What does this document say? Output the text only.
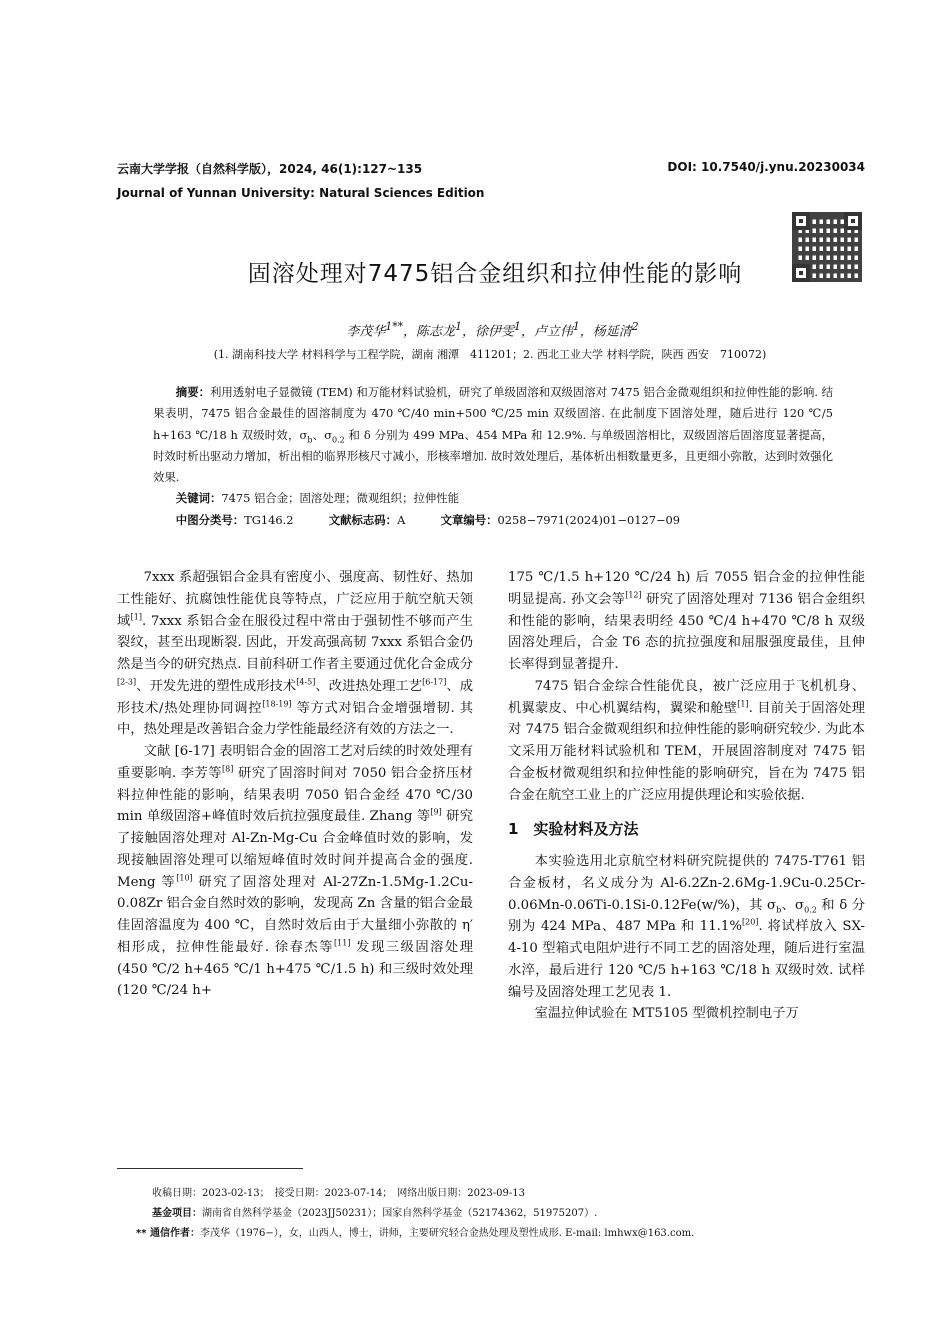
云南大学学报（自然科学版），2024, 46(1):127~135	DOI: 10.7540/j.ynu.20230034
Journal of Yunnan University: Natural Sciences Edition
固溶处理对7475铝合金组织和拉伸性能的影响
李茂华$^{1**}$，陈志龙$^1$，徐伊雯$^1$，卢立伟$^1$，杨延清$^2$
(1. 湖南科技大学 材料科学与工程学院，湖南 湘潭　411201；2. 西北工业大学 材料学院，陕西 西安　710072)
摘要：利用透射电子显微镜 (TEM) 和万能材料试验机，研究了单级固溶和双级固溶对 7475 铝合金微观组织和拉伸性能的影响. 结果表明，7475 铝合金最佳的固溶制度为 470 ℃/40 min+500 ℃/25 min 双级固溶. 在此制度下固溶处理，随后进行 120 ℃/5 h+163 ℃/18 h 双级时效，$\sigma_b$、$\sigma_{0.2}$ 和 δ 分别为 499 MPa、454 MPa 和 12.9%. 与单级固溶相比，双级固溶后固溶度显著提高，时效时析出驱动力增加，析出相的临界形核尺寸减小，形核率增加. 故时效处理后，基体析出相数量更多，且更细小弥散，达到时效强化效果.
关键词：7475 铝合金；固溶处理；微观组织；拉伸性能
中图分类号：TG146.2	文献标志码：A	文章编号：0258−7971(2024)01−0127−09

7xxx 系超强铝合金具有密度小、强度高、韧性好、热加工性能好、抗腐蚀性能优良等特点，广泛应用于航空航天领域[1]. 7xxx 系铝合金在服役过程中常由于强韧性不够而产生裂纹，甚至出现断裂. 因此，开发高强高韧 7xxx 系铝合金仍然是当今的研究热点. 目前科研工作者主要通过优化合金成分[2-3]、开发先进的塑性成形技术[4-5]、改进热处理工艺[6-17]、成形技术/热处理协同调控[18-19] 等方式对铝合金增强增韧. 其中，热处理是改善铝合金力学性能最经济有效的方法之一.

文献 [6-17] 表明铝合金的固溶工艺对后续的时效处理有重要影响. 李芳等[8] 研究了固溶时间对 7050 铝合金挤压材料拉伸性能的影响，结果表明 7050 铝合金经 470 ℃/30 min 单级固溶+峰值时效后抗拉强度最佳. Zhang 等[9] 研究了接触固溶处理对 Al-Zn-Mg-Cu 合金峰值时效的影响，发现接触固溶处理可以缩短峰值时效时间并提高合金的强度. Meng 等[10] 研究了固溶处理对 Al-27Zn-1.5Mg-1.2Cu-0.08Zr 铝合金自然时效的影响，发现高 Zn 含量的铝合金最佳固溶温度为 400 ℃，自然时效后由于大量细小弥散的 η′相形成，拉伸性能最好. 徐春杰等[11] 发现三级固溶处理 (450 ℃/2 h+465 ℃/1 h+475 ℃/1.5 h) 和三级时效处理 (120 ℃/24 h+

175 ℃/1.5 h+120 ℃/24 h) 后 7055 铝合金的拉伸性能明显提高. 孙文会等[12] 研究了固溶处理对 7136 铝合金组织和性能的影响，结果表明经 450 ℃/4 h+470 ℃/8 h 双级固溶处理后，合金 T6 态的抗拉强度和屈服强度最佳，且伸长率得到显著提升.

7475 铝合金综合性能优良，被广泛应用于飞机机身、机翼蒙皮、中心机翼结构，翼梁和舱壁[1]. 目前关于固溶处理对 7475 铝合金微观组织和拉伸性能的影响研究较少. 为此本文采用万能材料试验机和 TEM，开展固溶制度对 7475 铝合金板材微观组织和拉伸性能的影响研究，旨在为 7475 铝合金在航空工业上的广泛应用提供理论和实验依据.

1　实验材料及方法

本实验选用北京航空材料研究院提供的 7475-T761 铝合金板材，名义成分为 Al-6.2Zn-2.6Mg-1.9Cu-0.25Cr-0.06Mn-0.06Ti-0.1Si-0.12Fe(w/%)，其 $\sigma_b$、$\sigma_{0.2}$ 和 δ 分别为 424 MPa、487 MPa 和 11.1%[20]. 将试样放入 SX-4-10 型箱式电阻炉进行不同工艺的固溶处理，随后进行室温水淬，最后进行 120 ℃/5 h+163 ℃/18 h 双级时效. 试样编号及固溶处理工艺见表 1.

室温拉伸试验在 MT5105 型微机控制电子万

收稿日期：2023-02-13；　接受日期：2023-07-14；　网络出版日期：2023-09-13
基金项目：湖南省自然科学基金（2023JJ50231）；国家自然科学基金（52174362，51975207）.
** 通信作者：李茂华（1976−），女，山西人，博士，讲师，主要研究轻合金热处理及塑性成形. E-mail: lmhwx@163.com.
